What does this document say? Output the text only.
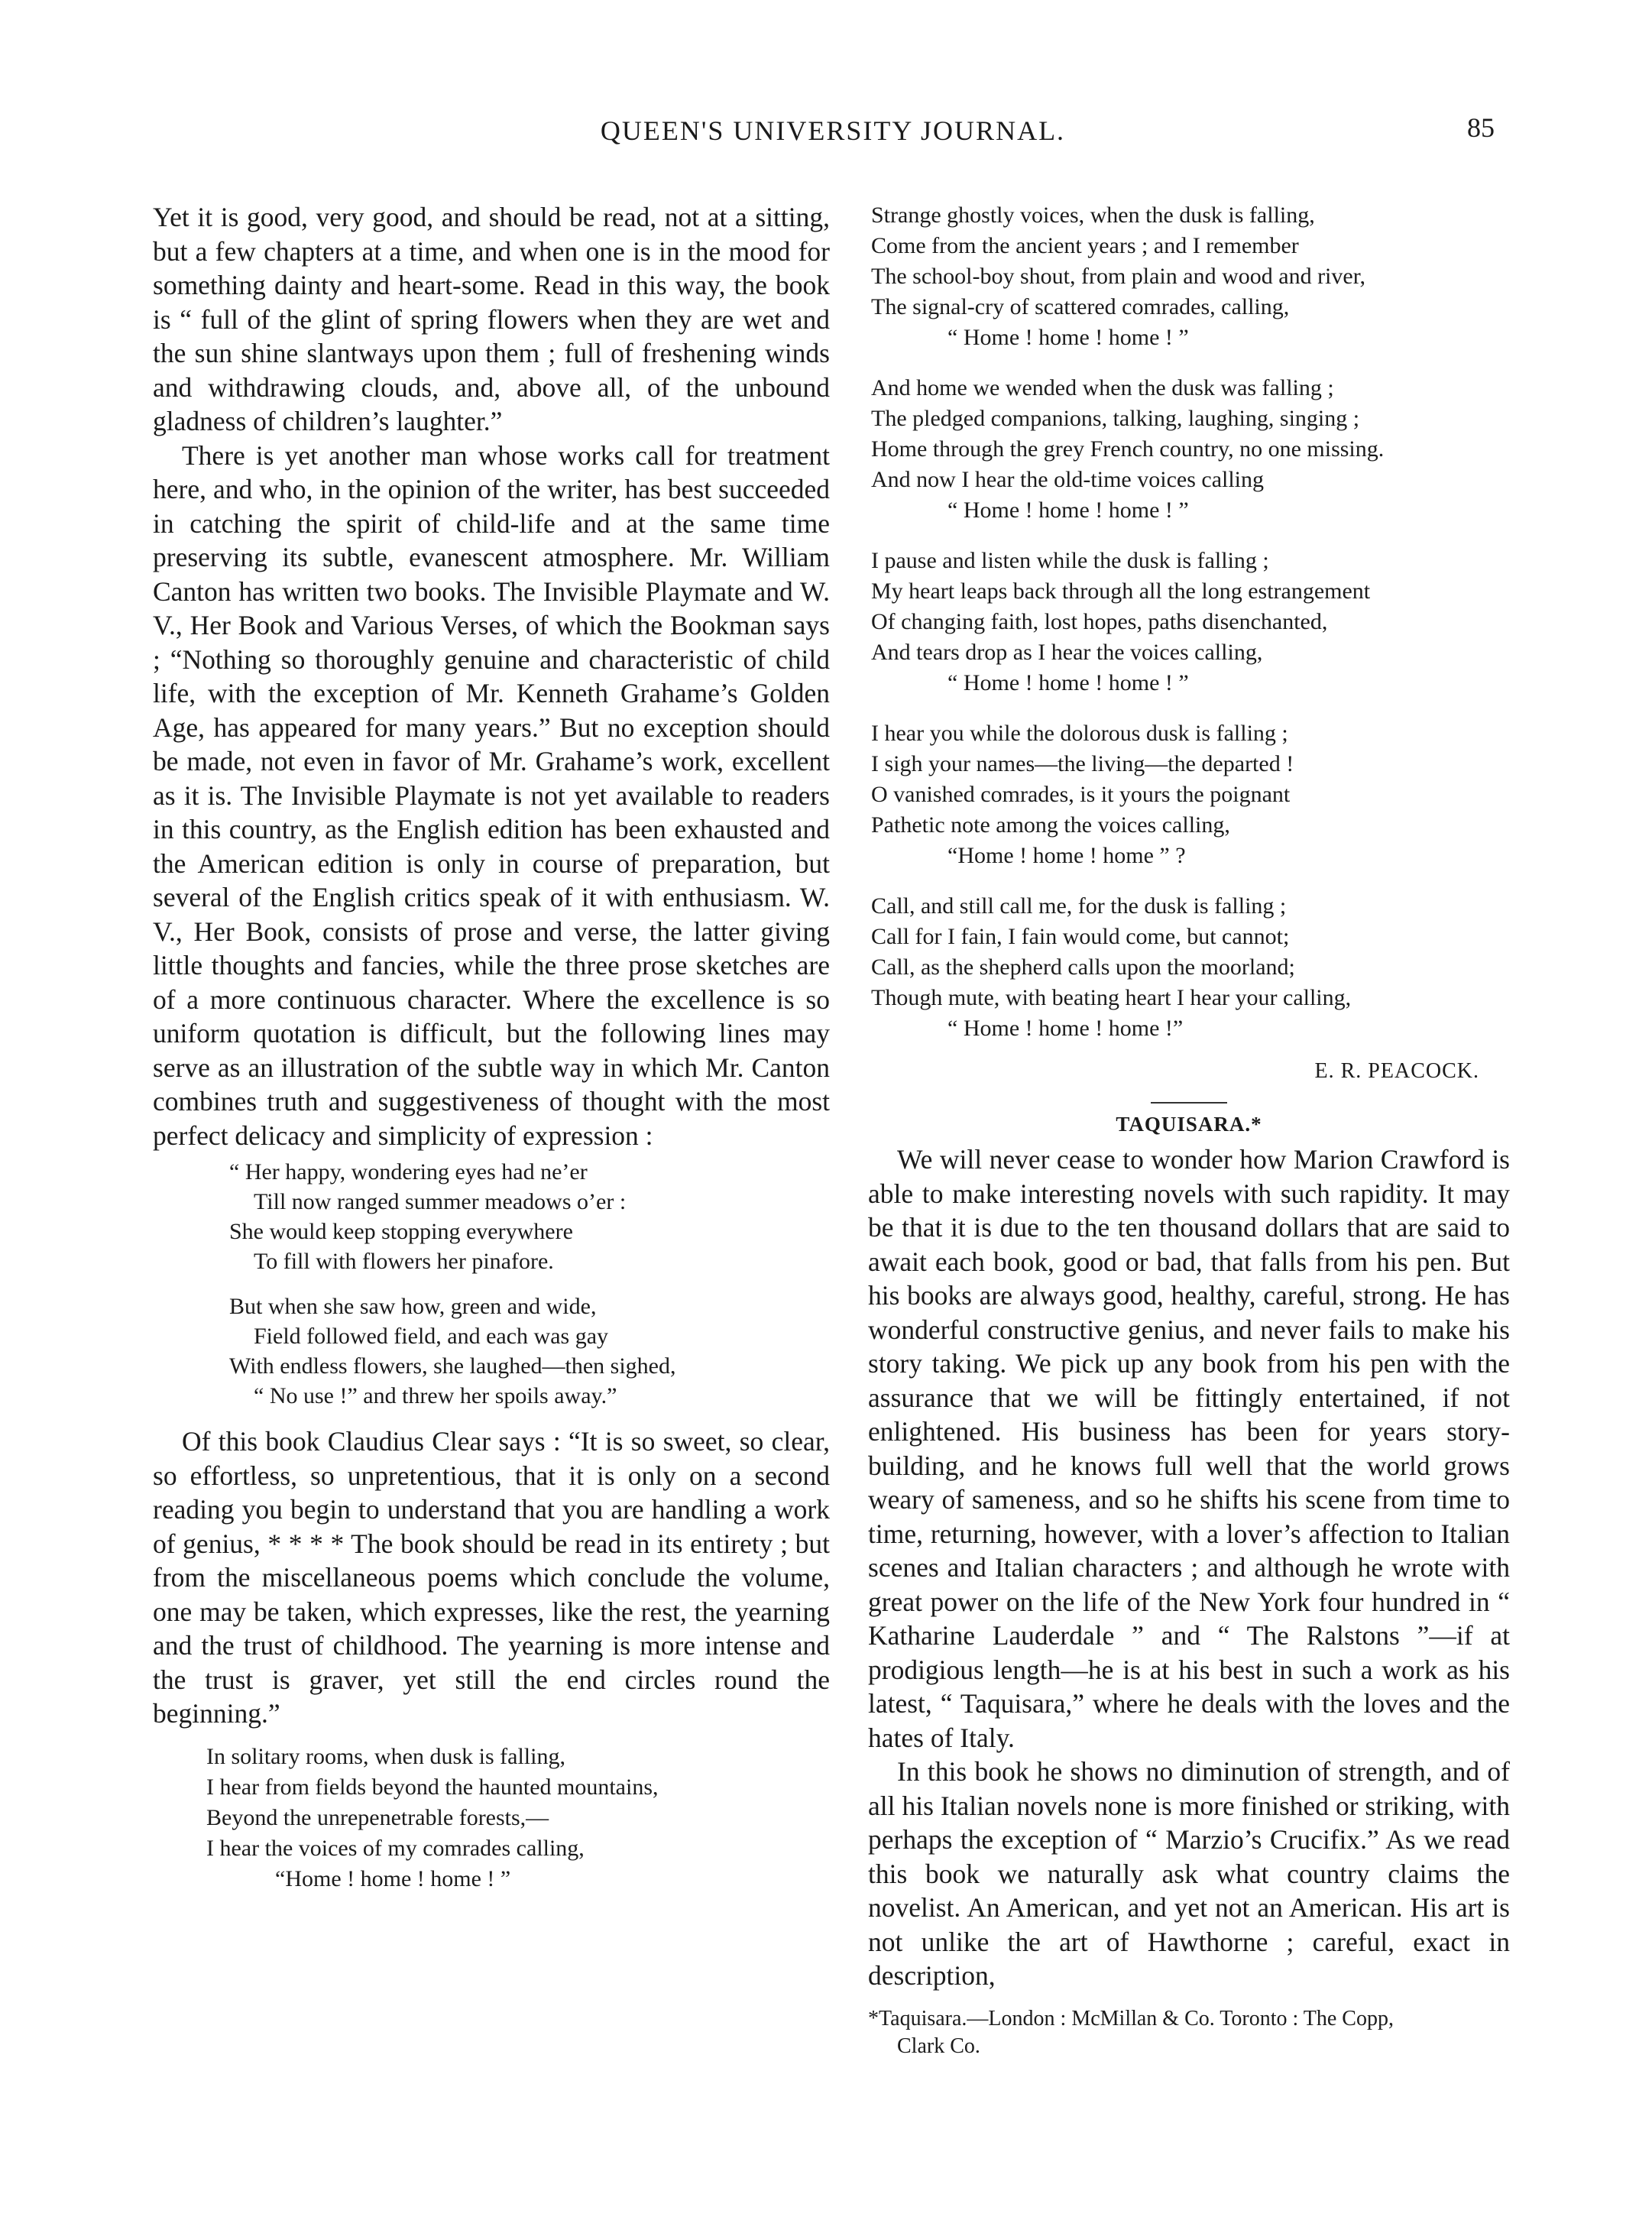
QUEEN'S UNIVERSITY JOURNAL.	85

Yet it is good, very good, and should be read, not at a sitting, but a few chapters at a time, and when one is in the mood for something dainty and heart-some. Read in this way, the book is “ full of the glint of spring flowers when they are wet and the sun shine slantways upon them ; full of freshening winds and withdrawing clouds, and, above all, of the unbound gladness of children’s laughter.”

There is yet another man whose works call for treatment here, and who, in the opinion of the writer, has best succeeded in catching the spirit of child-life and at the same time preserving its subtle, evanescent atmosphere. Mr. William Canton has written two books. The Invisible Playmate and W. V., Her Book and Various Verses, of which the Bookman says ; “Nothing so thoroughly genuine and characteristic of child life, with the exception of Mr. Kenneth Grahame’s Golden Age, has appeared for many years.” But no exception should be made, not even in favor of Mr. Grahame’s work, excellent as it is. The Invisible Playmate is not yet available to readers in this country, as the English edition has been exhausted and the American edition is only in course of preparation, but several of the English critics speak of it with enthusiasm. W. V., Her Book, consists of prose and verse, the latter giving little thoughts and fancies, while the three prose sketches are of a more continuous character. Where the excellence is so uniform quotation is difficult, but the following lines may serve as an illustration of the subtle way in which Mr. Canton combines truth and suggestiveness of thought with the most perfect delicacy and simplicity of expression :

“ Her happy, wondering eyes had ne’er
Till now ranged summer meadows o’er :
She would keep stopping everywhere
To fill with flowers her pinafore.
But when she saw how, green and wide,
Field followed field, and each was gay
With endless flowers, she laughed—then sighed,
“ No use !” and threw her spoils away.”

Of this book Claudius Clear says : “It is so sweet, so clear, so effortless, so unpretentious, that it is only on a second reading you begin to understand that you are handling a work of genius, * * * * The book should be read in its entirety ; but from the miscellaneous poems which conclude the volume, one may be taken, which expresses, like the rest, the yearning and the trust of childhood. The yearning is more intense and the trust is graver, yet still the end circles round the beginning.”

In solitary rooms, when dusk is falling,
I hear from fields beyond the haunted mountains,
Beyond the unrepenetrable forests,—
I hear the voices of my comrades calling,
“Home ! home ! home ! ”
Strange ghostly voices, when the dusk is falling,
Come from the ancient years ; and I remember
The school-boy shout, from plain and wood and river,
The signal-cry of scattered comrades, calling,
“ Home ! home ! home ! ”
And home we wended when the dusk was falling ;
The pledged companions, talking, laughing, singing ;
Home through the grey French country, no one missing.
And now I hear the old-time voices calling
“ Home ! home ! home ! ”
I pause and listen while the dusk is falling ;
My heart leaps back through all the long estrangement
Of changing faith, lost hopes, paths disenchanted,
And tears drop as I hear the voices calling,
“ Home ! home ! home ! ”
I hear you while the dolorous dusk is falling ;
I sigh your names—the living—the departed !
O vanished comrades, is it yours the poignant
Pathetic note among the voices calling,
“Home ! home ! home ” ?
Call, and still call me, for the dusk is falling ;
Call for I fain, I fain would come, but cannot;
Call, as the shepherd calls upon the moorland;
Though mute, with beating heart I hear your calling,
“ Home ! home ! home !”
E. R. PEACOCK.
TAQUISARA.*

We will never cease to wonder how Marion Crawford is able to make interesting novels with such rapidity. It may be that it is due to the ten thousand dollars that are said to await each book, good or bad, that falls from his pen. But his books are always good, healthy, careful, strong. He has wonderful constructive genius, and never fails to make his story taking. We pick up any book from his pen with the assurance that we will be fittingly entertained, if not enlightened. His business has been for years story-building, and he knows full well that the world grows weary of sameness, and so he shifts his scene from time to time, returning, however, with a lover’s affection to Italian scenes and Italian characters ; and although he wrote with great power on the life of the New York four hundred in “ Katharine Lauderdale ” and “ The Ralstons ”—if at prodigious length—he is at his best in such a work as his latest, “ Taquisara,” where he deals with the loves and the hates of Italy.

In this book he shows no diminution of strength, and of all his Italian novels none is more finished or striking, with perhaps the exception of “ Marzio’s Crucifix.” As we read this book we naturally ask what country claims the novelist. An American, and yet not an American. His art is not unlike the art of Hawthorne ; careful, exact in description,

*Taquisara.—London : McMillan & Co. Toronto : The Copp,
Clark Co.
